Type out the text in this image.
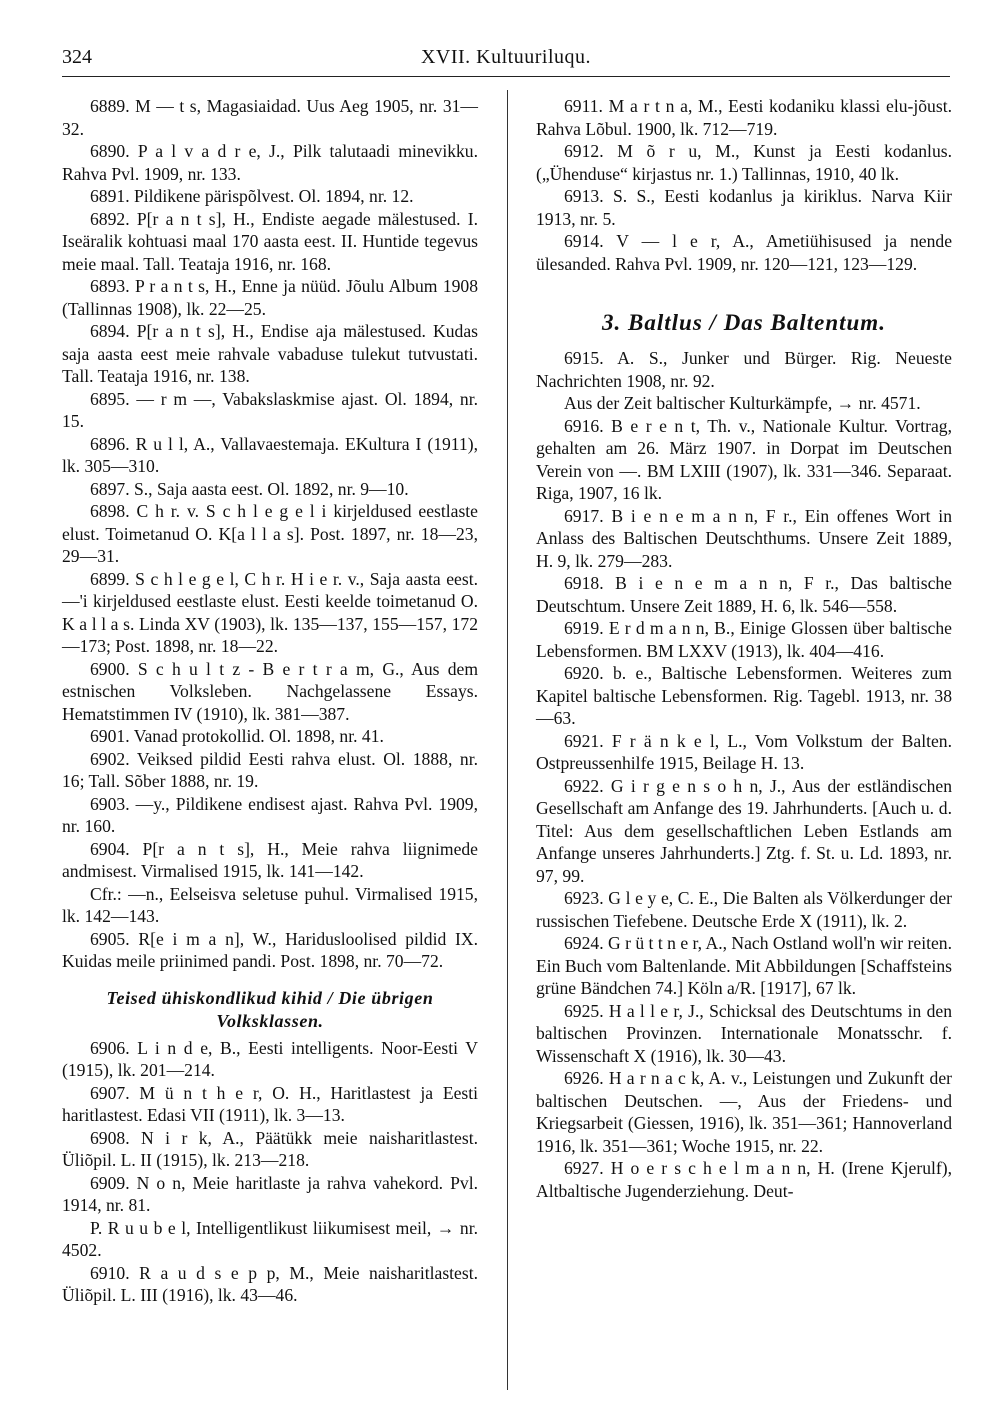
324	XVII. Kultuuriluqu.

6889. M — t s, Magasiaidad. Uus Aeg 1905, nr. 31—32.

6890. P a l v a d r e, J., Pilk talutaadi minevikku. Rahva Pvl. 1909, nr. 133.

6891. Pildikene pärispõlvest. Ol. 1894, nr. 12.

6892. P[r a n t s], H., Endiste aegade mälestused. I. Iseäralik kohtuasi maal 170 aasta eest. II. Huntide tegevus meie maal. Tall. Teataja 1916, nr. 168.

6893. P r a n t s, H., Enne ja nüüd. Jõulu Album 1908 (Tallinnas 1908), lk. 22—25.

6894. P[r a n t s], H., Endise aja mälestused. Kudas saja aasta eest meie rahvale vabaduse tulekut tutvustati. Tall. Teataja 1916, nr. 138.

6895. — r m —, Vabakslaskmise ajast. Ol. 1894, nr. 15.

6896. R u l l, A., Vallavaestemaja. EKultura I (1911), lk. 305—310.

6897. S., Saja aasta eest. Ol. 1892, nr. 9—10.

6898. C h r. v. S c h l e g e l i kirjeldused eestlaste elust. Toimetanud O. K[a l l a s]. Post. 1897, nr. 18—23, 29—31.

6899. S c h l e g e l, C h r. H i e r. v., Saja aasta eest. —'i kirjeldused eestlaste elust. Eesti keelde toimetanud O. K a l l a s. Linda XV (1903), lk. 135—137, 155—157, 172—173; Post. 1898, nr. 18—22.

6900. S c h u l t z - B e r t r a m, G., Aus dem estnischen Volksleben. Nachgelassene Essays. Hematstimmen IV (1910), lk. 381—387.

6901. Vanad protokollid. Ol. 1898, nr. 41.

6902. Veiksed pildid Eesti rahva elust. Ol. 1888, nr. 16; Tall. Sõber 1888, nr. 19.

6903. —y., Pildikene endisest ajast. Rahva Pvl. 1909, nr. 160.

6904. P[r a n t s], H., Meie rahva liignimede andmisest. Virmalised 1915, lk. 141—142.

Cfr.: —n., Eelseisva seletuse puhul. Virmalised 1915, lk. 142—143.

6905. R[e i m a n], W., Haridusloolised pildid IX. Kuidas meile priinimed pandi. Post. 1898, nr. 70—72.

Teised ühiskondlikud kihid / Die übrigen Volksklassen.

6906. L i n d e, B., Eesti intelligents. Noor-Eesti V (1915), lk. 201—214.

6907. M ü n t h e r, O. H., Haritlastest ja Eesti haritlastest. Edasi VII (1911), lk. 3—13.

6908. N i r k, A., Päätükk meie naisharitlastest. Üliõpil. L. II (1915), lk. 213—218.

6909. N o n, Meie haritlaste ja rahva vahekord. Pvl. 1914, nr. 81.

P. R u u b e l, Intelligentlikust liikumisest meil, → nr. 4502.

6910. R a u d s e p p, M., Meie naisharitlastest. Üliõpil. L. III (1916), lk. 43—46.

6911. M a r t n a, M., Eesti kodaniku klassi elu-jõust. Rahva Lõbul. 1900, lk. 712—719.

6912. M õ r u, M., Kunst ja Eesti kodanlus. („Ühenduse“ kirjastus nr. 1.) Tallinnas, 1910, 40 lk.

6913. S. S., Eesti kodanlus ja kiriklus. Narva Kiir 1913, nr. 5.

6914. V — l e r, A., Ametiühisused ja nende ülesanded. Rahva Pvl. 1909, nr. 120—121, 123—129.

3. Baltlus / Das Baltentum.

6915. A. S., Junker und Bürger. Rig. Neueste Nachrichten 1908, nr. 92.

Aus der Zeit baltischer Kulturkämpfe, → nr. 4571.

6916. B e r e n t, Th. v., Nationale Kultur. Vortrag, gehalten am 26. März 1907. in Dorpat im Deutschen Verein von —. BM LXIII (1907), lk. 331—346. Separaat. Riga, 1907, 16 lk.

6917. B i e n e m a n n, F r., Ein offenes Wort in Anlass des Baltischen Deutschthums. Unsere Zeit 1889, H. 9, lk. 279—283.

6918. B i e n e m a n n, F r., Das baltische Deutschtum. Unsere Zeit 1889, H. 6, lk. 546—558.

6919. E r d m a n n, B., Einige Glossen über baltische Lebensformen. BM LXXV (1913), lk. 404—416.

6920. b. e., Baltische Lebensformen. Weiteres zum Kapitel baltische Lebensformen. Rig. Tagebl. 1913, nr. 38—63.

6921. F r ä n k e l, L., Vom Volkstum der Balten. Ostpreussenhilfe 1915, Beilage H. 13.

6922. G i r g e n s o h n, J., Aus der estländischen Gesellschaft am Anfange des 19. Jahrhunderts. [Auch u. d. Titel: Aus dem gesellschaftlichen Leben Estlands am Anfange unseres Jahrhunderts.] Ztg. f. St. u. Ld. 1893, nr. 97, 99.

6923. G l e y e, C. E., Die Balten als Völkerdunger der russischen Tiefebene. Deutsche Erde X (1911), lk. 2.

6924. G r ü t t n e r, A., Nach Ostland woll'n wir reiten. Ein Buch vom Baltenlande. Mit Abbildungen [Schaffsteins grüne Bändchen 74.] Köln a/R. [1917], 67 lk.

6925. H a l l e r, J., Schicksal des Deutschtums in den baltischen Provinzen. Internationale Monatsschr. f. Wissenschaft X (1916), lk. 30—43.

6926. H a r n a c k, A. v., Leistungen und Zukunft der baltischen Deutschen. —, Aus der Friedens- und Kriegsarbeit (Giessen, 1916), lk. 351—361; Hannoverland 1916, lk. 351—361; Woche 1915, nr. 22.

6927. H o e r s c h e l m a n n, H. (Irene Kjerulf), Altbaltische Jugenderziehung. Deut-
